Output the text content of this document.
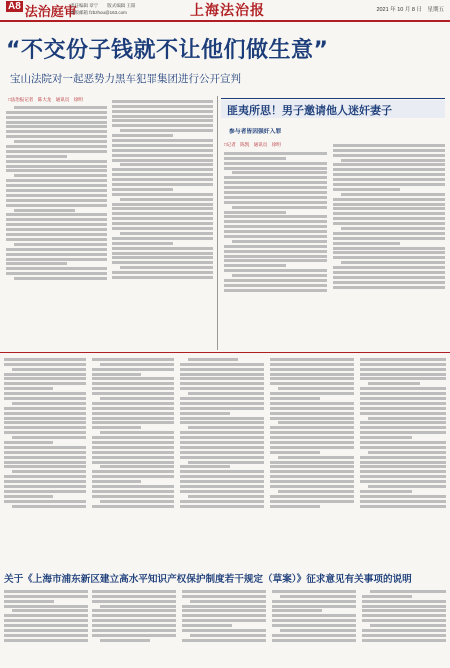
A8 法治庭审
责任编辑 章宁　　版式编辑 王阳
本版邮箱 fzbzhou@163.com	上海法治报	2021 年 10 月 8 日　星期五
“不交份子钱就不让他们做生意”
宝山法院对一起恶势力黑车犯罪集团进行公开宣判
□法治报记者　陈大龙　通讯员　徐明
匪夷所思！男子邀请他人迷奸妻子
参与者皆因强奸入罪
□记者　陈凯　通讯员　徐明
关于《上海市浦东新区建立高水平知识产权保护制度若干规定（草案）》征求意见有关事项的说明
